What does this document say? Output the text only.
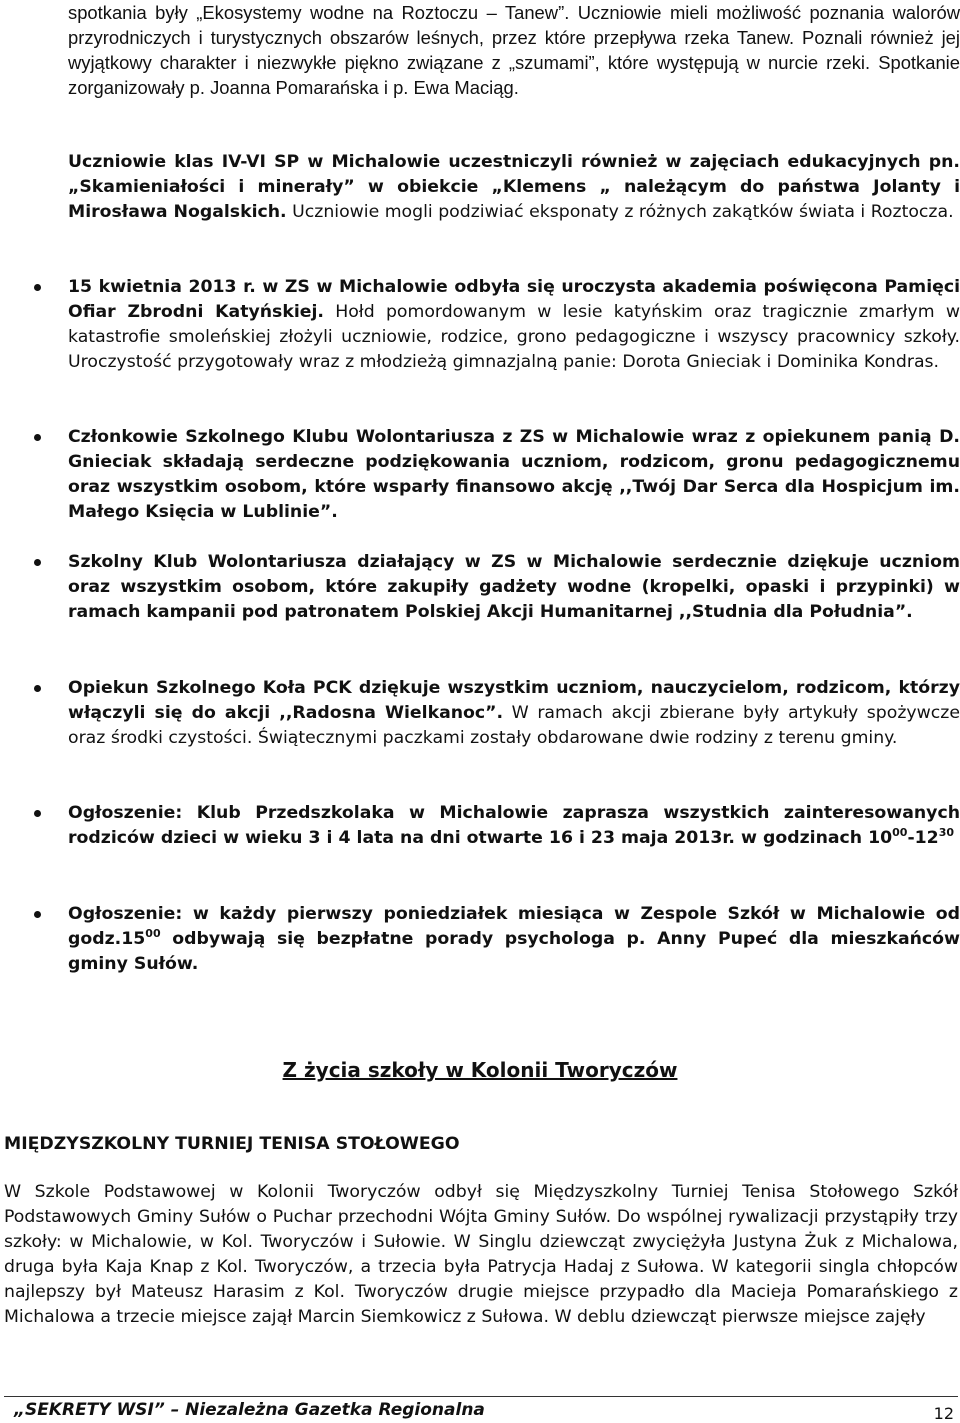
spotkania były „Ekosystemy wodne na Roztoczu – Tanew”. Uczniowie mieli możliwość poznania walorów przyrodniczych i turystycznych obszarów leśnych, przez które przepływa rzeka Tanew. Poznali również jej wyjątkowy charakter i niezwykłe piękno związane z „szumami”, które występują w nurcie rzeki. Spotkanie zorganizowały p. Joanna Pomarańska i p. Ewa Maciąg.

Uczniowie klas IV-VI SP w Michalowie uczestniczyli również w zajęciach edukacyjnych pn. „Skamieniałości i minerały” w obiekcie „Klemens „ należącym do państwa Jolanty i Mirosława Nogalskich. Uczniowie mogli podziwiać eksponaty z różnych zakątków świata i Roztocza.

15 kwietnia 2013 r. w ZS w Michalowie odbyła się uroczysta akademia poświęcona Pamięci Ofiar Zbrodni Katyńskiej. Hołd pomordowanym w lesie katyńskim oraz tragicznie zmarłym w katastrofie smoleńskiej złożyli uczniowie, rodzice, grono pedagogiczne i wszyscy pracownicy szkoły. Uroczystość przygotowały wraz z młodzieżą gimnazjalną panie: Dorota Gnieciak i Dominika Kondras.

Członkowie Szkolnego Klubu Wolontariusza z ZS w Michalowie wraz z opiekunem panią D. Gnieciak składają serdeczne podziękowania uczniom, rodzicom, gronu pedagogicznemu oraz wszystkim osobom, które wsparły finansowo akcję ,,Twój Dar Serca dla Hospicjum im. Małego Księcia w Lublinie”.

Szkolny Klub Wolontariusza działający w ZS w Michalowie serdecznie dziękuje uczniom oraz wszystkim osobom, które zakupiły gadżety wodne (kropelki, opaski i przypinki) w ramach kampanii pod patronatem Polskiej Akcji Humanitarnej ,,Studnia dla Południa”.

Opiekun Szkolnego Koła PCK dziękuje wszystkim uczniom, nauczycielom, rodzicom, którzy włączyli się do akcji ,,Radosna Wielkanoc”. W ramach akcji zbierane były artykuły spożywcze oraz środki czystości. Świątecznymi paczkami zostały obdarowane dwie rodziny z terenu gminy.

Ogłoszenie: Klub Przedszkolaka w Michalowie zaprasza wszystkich zainteresowanych rodziców dzieci w wieku 3 i 4 lata na dni otwarte 16 i 23 maja 2013r. w godzinach $10^{00}-12^{30}$

Ogłoszenie: w każdy pierwszy poniedziałek miesiąca w Zespole Szkół w Michalowie od $godz.15^{00}$ odbywają się bezpłatne porady psychologa p. Anny Pupeć dla mieszkańców gminy Sułów.

Z życia szkoły w Kolonii Tworyczów
MIĘDZYSZKOLNY TURNIEJ TENISA STOŁOWEGO

W Szkole Podstawowej w Kolonii Tworyczów odbył się Międzyszkolny Turniej Tenisa Stołowego Szkół Podstawowych Gminy Sułów o Puchar przechodni Wójta Gminy Sułów. Do wspólnej rywalizacji przystąpiły trzy szkoły: w Michalowie, w Kol. Tworyczów i Sułowie. W Singlu dziewcząt zwyciężyła Justyna Żuk z Michalowa, druga była Kaja Knap z Kol. Tworyczów, a trzecia była Patrycja Hadaj z Sułowa. W kategorii singla chłopców najlepszy był Mateusz Harasim z Kol. Tworyczów drugie miejsce przypadło dla Macieja Pomarańskiego z Michalowa a trzecie miejsce zajął Marcin Siemkowicz z Sułowa. W deblu dziewcząt pierwsze miejsce zajęły

„SEKRETY WSI” – Niezależna Gazetka Regionalna	12
